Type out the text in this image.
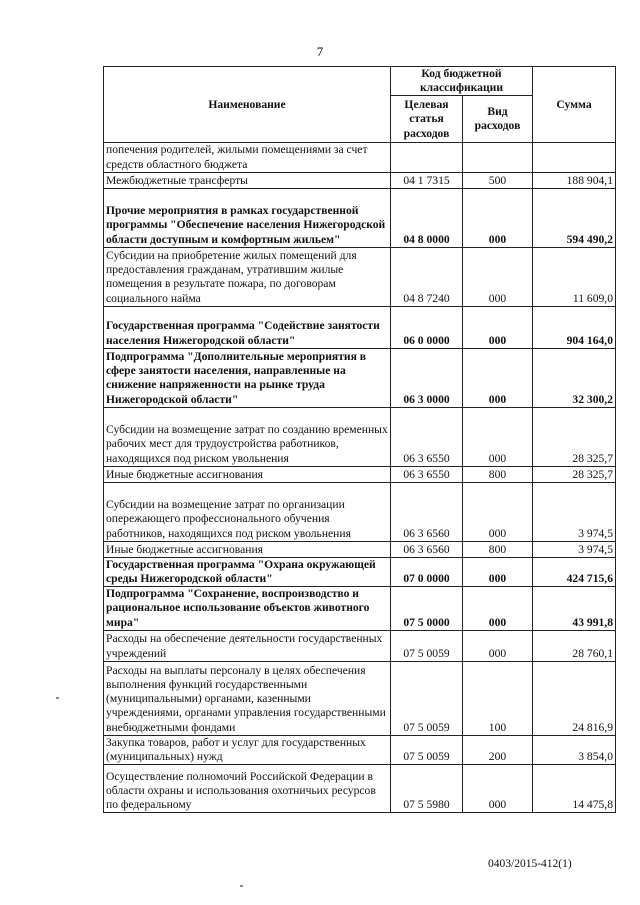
7
Наименование	Код бюджетной классификации		Сумма
	Целевая статья расходов	Вид расходов	
попечения родителей, жилыми помещениями за счет средств областного бюджета			
Межбюджетные трансферты	04 1 7315	500	188 904,1
Прочие мероприятия в рамках государственной программы "Обеспечение населения Нижегородской области доступным и комфортным жильем"	04 8 0000	000	594 490,2
Субсидии на приобретение жилых помещений для предоставления гражданам, утратившим жилые помещения в результате пожара, по договорам социального найма	04 8 7240	000	11 609,0
Государственная программа "Содействие занятости населения Нижегородской области"	06 0 0000	000	904 164,0
Подпрограмма "Дополнительные мероприятия в сфере занятости населения, направленные на снижение напряженности на рынке труда Нижегородской области"	06 3 0000	000	32 300,2
Субсидии на возмещение затрат по созданию временных рабочих мест для трудоустройства работников, находящихся под риском увольнения	06 3 6550	000	28 325,7
Иные бюджетные ассигнования	06 3 6550	800	28 325,7
Субсидии на возмещение затрат по организации опережающего профессионального обучения работников, находящихся под риском увольнения	06 3 6560	000	3 974,5
Иные бюджетные ассигнования	06 3 6560	800	3 974,5
Государственная программа "Охрана окружающей среды Нижегородской области"	07 0 0000	000	424 715,6
Подпрограмма "Сохранение, воспроизводство и рациональное использование объектов животного мира"	07 5 0000	000	43 991,8
Расходы на обеспечение деятельности государственных учреждений	07 5 0059	000	28 760,1
Расходы на выплаты персоналу в целях обеспечения выполнения функций государственными (муниципальными) органами, казенными учреждениями, органами управления государственными внебюджетными фондами	07 5 0059	100	24 816,9
Закупка товаров, работ и услуг для государственных (муниципальных) нужд	07 5 0059	200	3 854,0
Осуществление полномочий Российской Федерации в области охраны и использования охотничьих ресурсов по федеральному	07 5 5980	000	14 475,8
0403/2015-412(1)
